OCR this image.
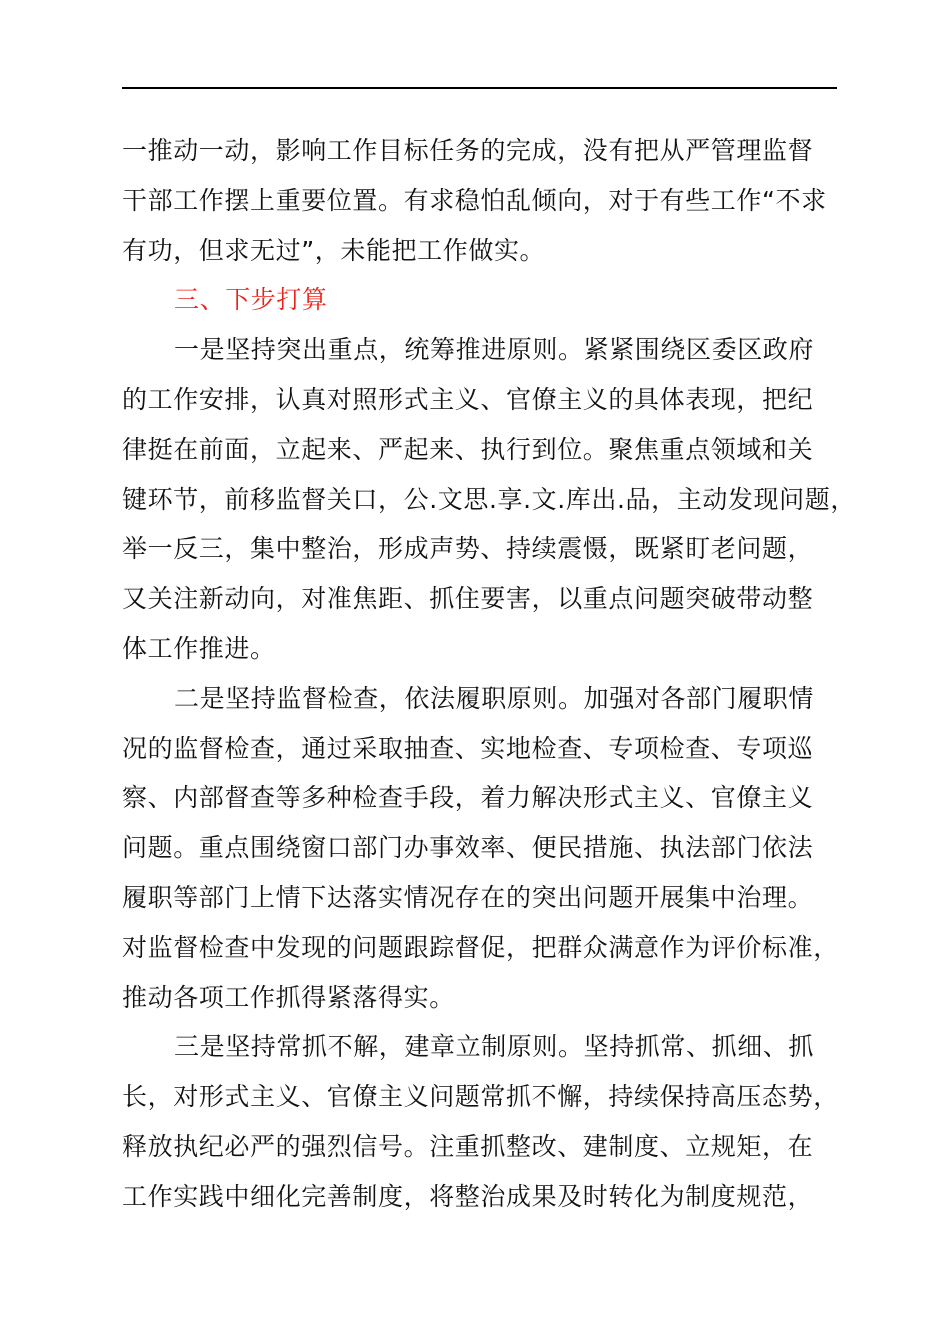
一推动一动，影响工作目标任务的完成，没有把从严管理监督
干部工作摆上重要位置。有求稳怕乱倾向，对于有些工作“不求
有功，但求无过”，未能把工作做实。
三、下步打算
一是坚持突出重点，统筹推进原则。紧紧围绕区委区政府
的工作安排，认真对照形式主义、官僚主义的具体表现，把纪
律挺在前面，立起来、严起来、执行到位。聚焦重点领域和关
键环节，前移监督关口，公.文思.享.文.库出.品，主动发现问题，
举一反三，集中整治，形成声势、持续震慑，既紧盯老问题，
又关注新动向，对准焦距、抓住要害，以重点问题突破带动整
体工作推进。
二是坚持监督检查，依法履职原则。加强对各部门履职情
况的监督检查，通过采取抽查、实地检查、专项检查、专项巡
察、内部督查等多种检查手段，着力解决形式主义、官僚主义
问题。重点围绕窗口部门办事效率、便民措施、执法部门依法
履职等部门上情下达落实情况存在的突出问题开展集中治理。
对监督检查中发现的问题跟踪督促，把群众满意作为评价标准，
推动各项工作抓得紧落得实。
三是坚持常抓不解，建章立制原则。坚持抓常、抓细、抓
长，对形式主义、官僚主义问题常抓不懈，持续保持高压态势，
释放执纪必严的强烈信号。注重抓整改、建制度、立规矩，在
工作实践中细化完善制度，将整治成果及时转化为制度规范，
